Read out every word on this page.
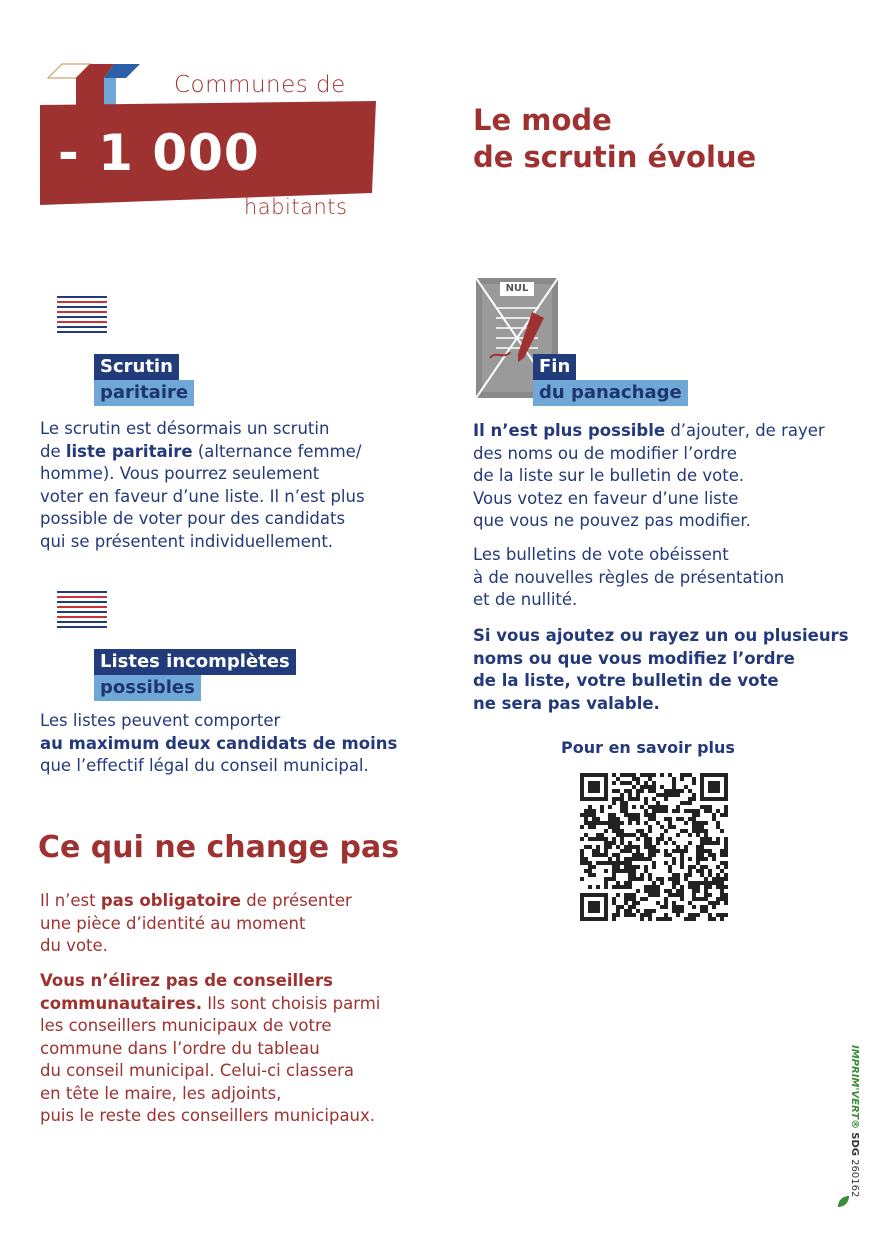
Communes de
- 1 000
habitants
Le mode
de scrutin évolue
Scrutin
paritaire
Le scrutin est désormais un scrutin
de liste paritaire (alternance femme/
homme). Vous pourrez seulement
voter en faveur d’une liste. Il n’est plus
possible de voter pour des candidats
qui se présentent individuellement.
Listes incomplètes
possibles
Les listes peuvent comporter
au maximum deux candidats de moins
que l’effectif légal du conseil municipal.
Ce qui ne change pas
Il n’est pas obligatoire de présenter
une pièce d’identité au moment
du vote.
Vous n’élirez pas de conseillers
communautaires. Ils sont choisis parmi
les conseillers municipaux de votre
commune dans l’ordre du tableau
du conseil municipal. Celui-ci classera
en tête le maire, les adjoints,
puis le reste des conseillers municipaux.
NUL
Fin
du panachage
Il n’est plus possible d’ajouter, de rayer
des noms ou de modifier l’ordre
de la liste sur le bulletin de vote.
Vous votez en faveur d’une liste
que vous ne pouvez pas modifier.
Les bulletins de vote obéissent
à de nouvelles règles de présentation
et de nullité.
Si vous ajoutez ou rayez un ou plusieurs
noms ou que vous modifiez l’ordre
de la liste, votre bulletin de vote
ne sera pas valable.
Pour en savoir plus
IMPRIM'VERT® SDG 260162
